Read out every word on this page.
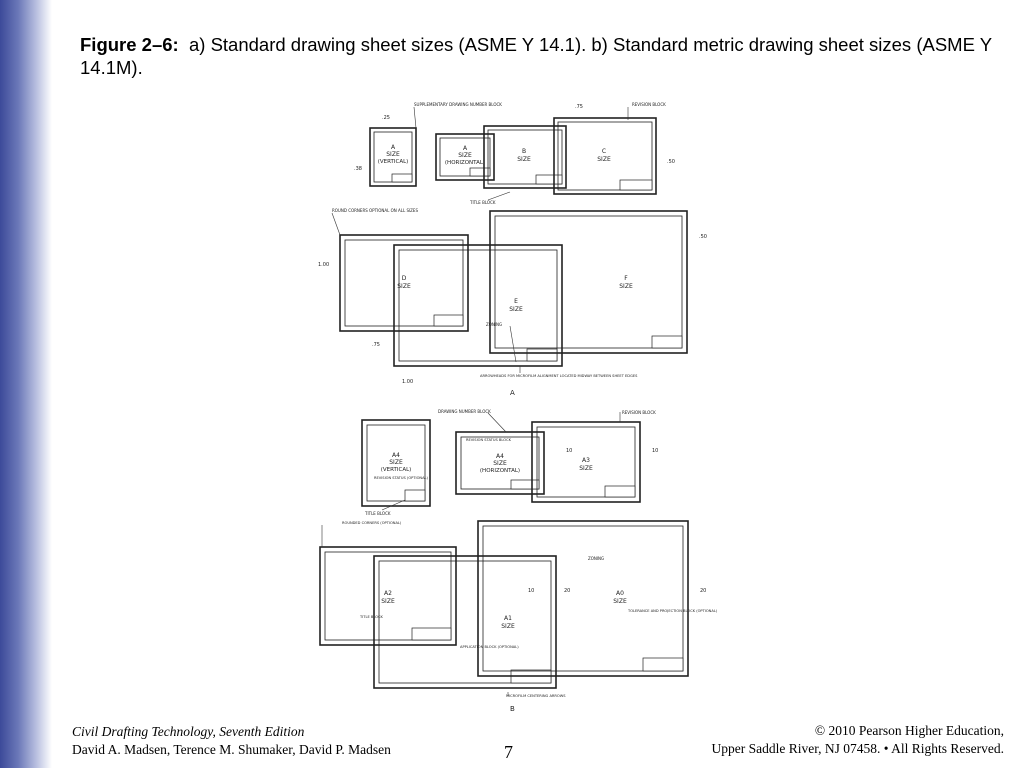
Figure 2–6: a) Standard drawing sheet sizes (ASME Y 14.1). b) Standard metric drawing sheet sizes (ASME Y 14.1M).
A
SIZE
(VERTICAL)
.25
.38
A
SIZE
(HORIZONTAL)
B
SIZE
C
SIZE
SUPPLEMENTARY DRAWING NUMBER BLOCK	REVISION BLOCK
.75
.50
TITLE BLOCK
D
SIZE
E
SIZE
F
SIZE
ROUND CORNERS OPTIONAL ON ALL SIZES
1.00
.75
1.00
.50
ZONING
ARROWHEADS FOR MICROFILM ALIGNMENT LOCATED MIDWAY BETWEEN SHEET EDGES
A
A4
SIZE
(VERTICAL)
REVISION STATUS (OPTIONAL)
TITLE BLOCK
A4
SIZE
(HORIZONTAL)
REVISION STATUS BLOCK
DRAWING NUMBER BLOCK
A3
SIZE
REVISION BLOCK
10	10
A2
SIZE
ROUNDED CORNERS (OPTIONAL)
TITLE BLOCK	A1
SIZE
APPLICATION BLOCK (OPTIONAL)
20
10	A0
SIZE
ZONING
TOLERANCE AND PROJECTION BLOCK (OPTIONAL)
20
MICROFILM CENTERING ARROWS
B
Civil Drafting Technology, Seventh Edition
David A. Madsen, Terence M. Shumaker, David P. Madsen	7
© 2010 Pearson Higher Education,
Upper Saddle River, NJ 07458. • All Rights Reserved.
